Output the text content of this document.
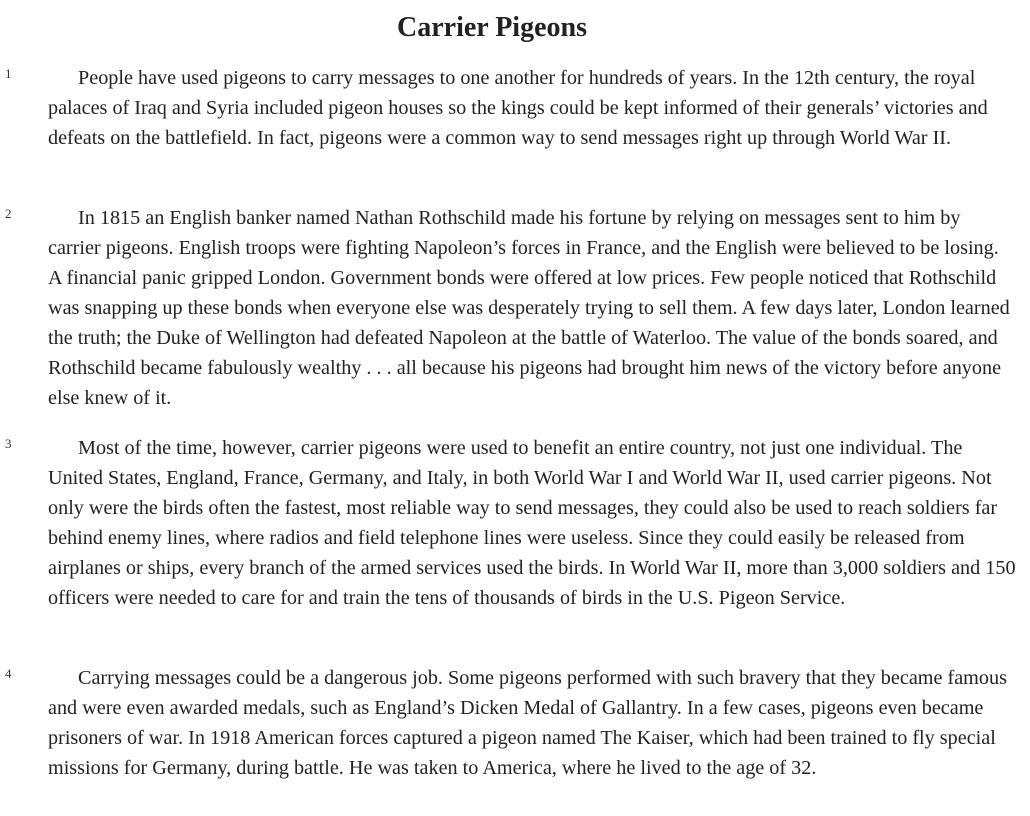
Carrier Pigeons
1	People have used pigeons to carry messages to one another for hundreds of years. In the 12th century, the royal palaces of Iraq and Syria included pigeon houses so the kings could be kept informed of their generals’ victories and defeats on the battlefield. In fact, pigeons were a common way to send messages right up through World War II.

2	In 1815 an English banker named Nathan Rothschild made his fortune by relying on messages sent to him by carrier pigeons. English troops were fighting Napoleon’s forces in France, and the English were believed to be losing. A financial panic gripped London. Government bonds were offered at low prices. Few people noticed that Rothschild was snapping up these bonds when everyone else was desperately trying to sell them. A few days later, London learned the truth; the Duke of Wellington had defeated Napoleon at the battle of Waterloo. The value of the bonds soared, and Rothschild became fabulously wealthy . . . all because his pigeons had brought him news of the victory before anyone else knew of it.

3	Most of the time, however, carrier pigeons were used to benefit an entire country, not just one individual. The United States, England, France, Germany, and Italy, in both World War I and World War II, used carrier pigeons. Not only were the birds often the fastest, most reliable way to send messages, they could also be used to reach soldiers far behind enemy lines, where radios and field telephone lines were useless. Since they could easily be released from airplanes or ships, every branch of the armed services used the birds. In World War II, more than 3,000 soldiers and 150 officers were needed to care for and train the tens of thousands of birds in the U.S. Pigeon Service.

4	Carrying messages could be a dangerous job. Some pigeons performed with such bravery that they became famous and were even awarded medals, such as England’s Dicken Medal of Gallantry. In a few cases, pigeons even became prisoners of war. In 1918 American forces captured a pigeon named The Kaiser, which had been trained to fly special missions for Germany, during battle. He was taken to America, where he lived to the age of 32.
